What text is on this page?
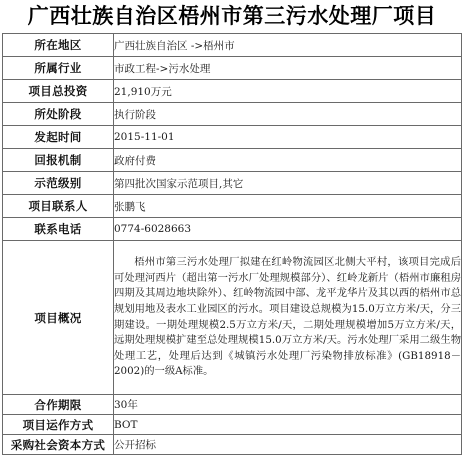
广西壮族自治区梧州市第三污水处理厂项目
所在地区	广西壮族自治区 ->梧州市
所属行业	市政工程->污水处理
项目总投资	21,910万元
所处阶段	执行阶段
发起时间	2015-11-01
回报机制	政府付费
示范级别	第四批次国家示范项目,其它
项目联系人	张鹏飞
联系电话	0774-6028663
项目概况	梧州市第三污水处理厂拟建在红岭物流园区北侧大平村，该项目完成后可处理河西片（超出第一污水厂处理规模部分）、红岭龙新片（梧州市廉租房四期及其周边地块除外）、红岭物流园中部、龙平龙华片及其以西的梧州市总规划用地及表水工业园区的污水。项目建设总规模为15.0万立方米/天，分三期建设。一期处理规模2.5万立方米/天，二期处理规模增加5万立方米/天，远期处理规模扩建至总处理规模15.0万立方米/天。污水处理厂采用二级生物处理工艺，处理后达到《城镇污水处理厂污染物排放标准》(GB18918－2002)的一级A标准。
合作期限	30年
项目运作方式	BOT
采购社会资本方式	公开招标
